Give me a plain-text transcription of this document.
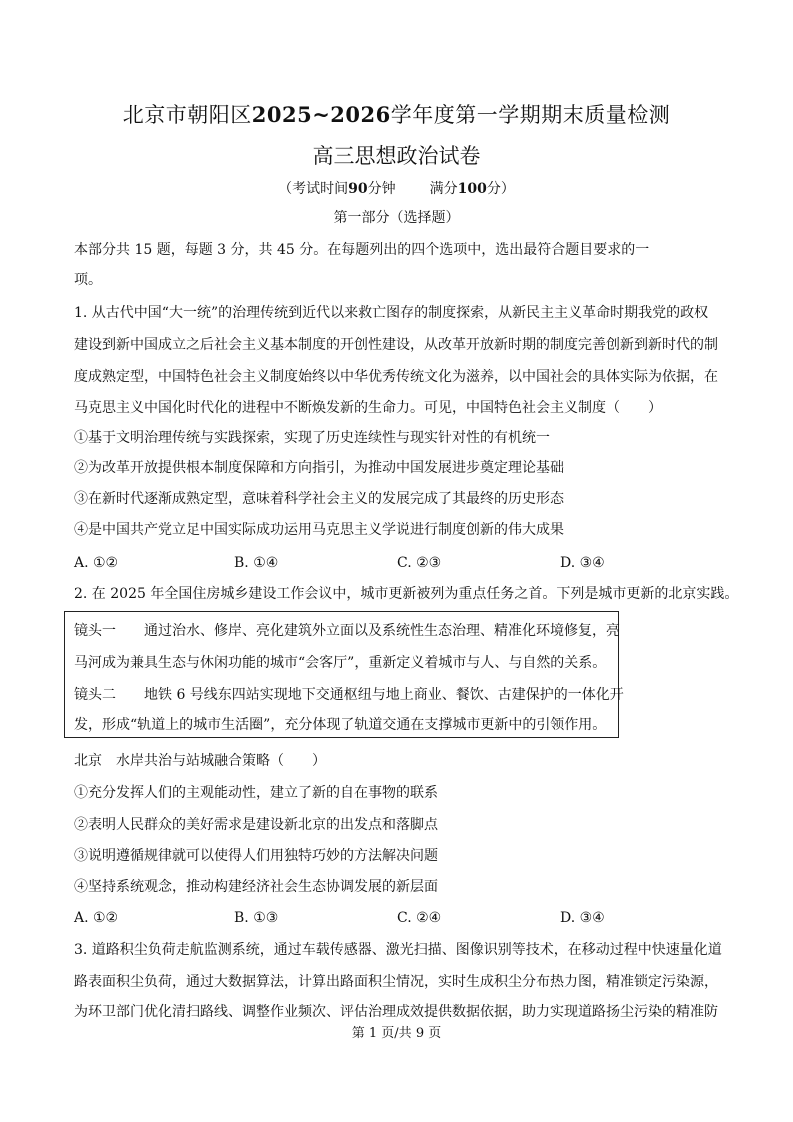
北京市朝阳区2025~2026学年度第一学期期末质量检测
高三思想政治试卷
（考试时间90分钟 满分100分）
第一部分（选择题）
本部分共 15 题，每题 3 分，共 45 分。在每题列出的四个选项中，选出最符合题目要求的一
项。
1. 从古代中国“大一统”的治理传统到近代以来救亡图存的制度探索，从新民主主义革命时期我党的政权
建设到新中国成立之后社会主义基本制度的开创性建设，从改革开放新时期的制度完善创新到新时代的制
度成熟定型，中国特色社会主义制度始终以中华优秀传统文化为滋养，以中国社会的具体实际为依据，在
马克思主义中国化时代化的进程中不断焕发新的生命力。可见，中国特色社会主义制度（　　）
①基于文明治理传统与实践探索，实现了历史连续性与现实针对性的有机统一
②为改革开放提供根本制度保障和方向指引，为推动中国发展进步奠定理论基础
③在新时代逐渐成熟定型，意味着科学社会主义的发展完成了其最终的历史形态
④是中国共产党立足中国实际成功运用马克思主义学说进行制度创新的伟大成果
A. ①②	B. ①④	C. ②③	D. ③④
2. 在 2025 年全国住房城乡建设工作会议中，城市更新被列为重点任务之首。下列是城市更新的北京实践。
镜头一　　通过治水、修岸、亮化建筑外立面以及系统性生态治理、精准化环境修复，亮
马河成为兼具生态与休闲功能的城市“会客厅”，重新定义着城市与人、与自然的关系。
镜头二　　地铁 6 号线东四站实现地下交通枢纽与地上商业、餐饮、古建保护的一体化开
发，形成“轨道上的城市生活圈”，充分体现了轨道交通在支撑城市更新中的引领作用。
北京　水岸共治与站城融合策略（　　）
①充分发挥人们的主观能动性，建立了新的自在事物的联系
②表明人民群众的美好需求是建设新北京的出发点和落脚点
③说明遵循规律就可以使得人们用独特巧妙的方法解决问题
④坚持系统观念，推动构建经济社会生态协调发展的新层面
A. ①②	B. ①③	C. ②④	D. ③④
3. 道路积尘负荷走航监测系统，通过车载传感器、激光扫描、图像识别等技术，在移动过程中快速量化道
路表面积尘负荷，通过大数据算法，计算出路面积尘情况，实时生成积尘分布热力图，精准锁定污染源，
为环卫部门优化清扫路线、调整作业频次、评估治理成效提供数据依据，助力实现道路扬尘污染的精准防
第 1 页/共 9 页
